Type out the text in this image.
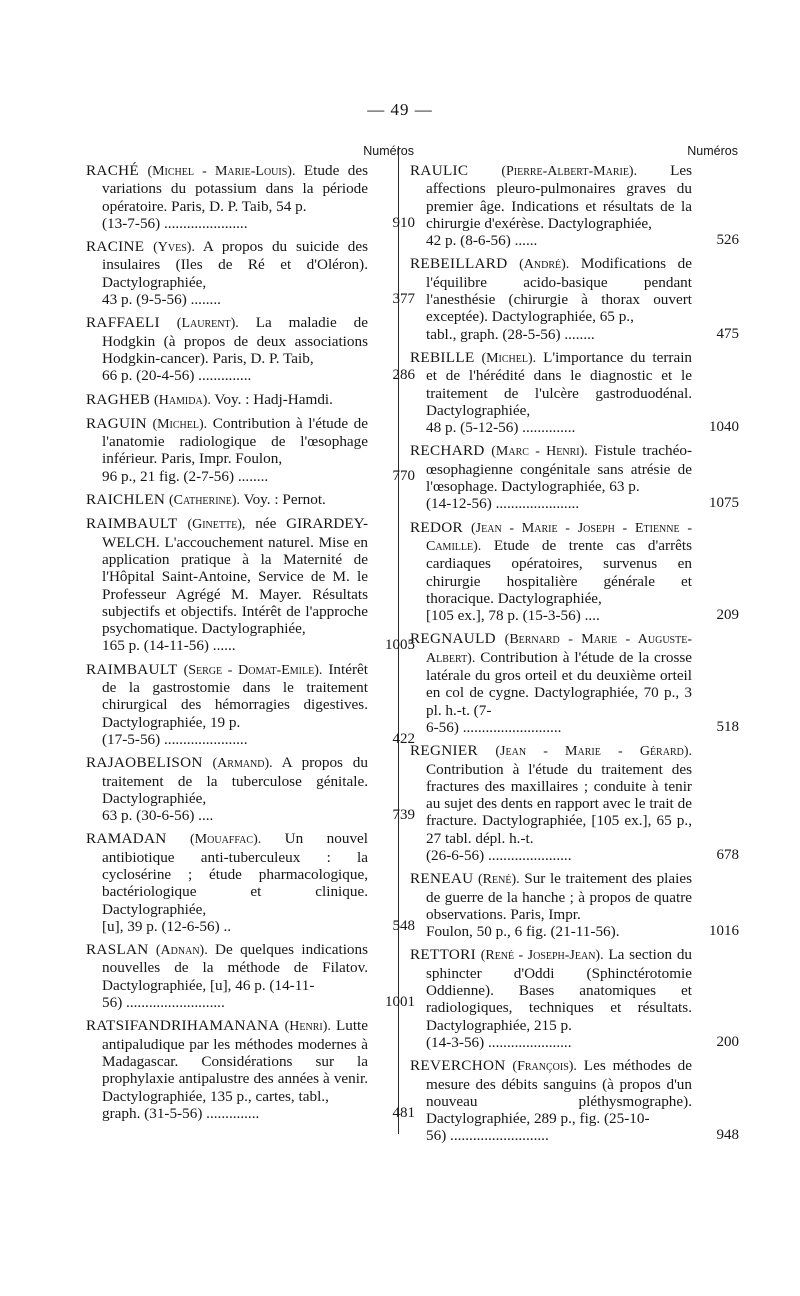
— 49 —
Numéros
RACHÉ (Michel - Marie-Louis). Etude des variations du potassium dans la période opératoire. Paris, D. P. Taib, 54 p.
(13-7-56) ......................	910
RACINE (Yves). A propos du suicide des insulaires (Iles de Ré et d'Oléron). Dactylographiée,
43 p. (9-5-56) ........	377
RAFFAELI (Laurent). La maladie de Hodgkin (à propos de deux associations Hodgkin-cancer). Paris, D. P. Taib,
66 p. (20-4-56) ..............	286
RAGHEB (Hamida). Voy. : Hadj-Hamdi.
RAGUIN (Michel). Contribution à l'étude de l'anatomie radiologique de l'œsophage inférieur. Paris, Impr. Foulon,
96 p., 21 fig. (2-7-56) ........	770
RAICHLEN (Catherine). Voy. : Pernot.
RAIMBAULT (Ginette), née GIRARDEY-WELCH. L'accouchement naturel. Mise en application pratique à la Maternité de l'Hôpital Saint-Antoine, Service de M. le Professeur Agrégé M. Mayer. Résultats subjectifs et objectifs. Intérêt de l'approche psychomatique. Dactylographiée,
165 p. (14-11-56) ......	1005
RAIMBAULT (Serge - Domat-Emile). Intérêt de la gastrostomie dans le traitement chirurgical des hémorragies digestives. Dactylographiée, 19 p.
(17-5-56) ......................	422
RAJAOBELISON (Armand). A propos du traitement de la tuberculose génitale. Dactylographiée,
63 p. (30-6-56) ....	739
RAMADAN (Mouaffac). Un nouvel antibiotique anti-tuberculeux : la cyclosérine ; étude pharmacologique, bactériologique et clinique. Dactylographiée,
[u], 39 p. (12-6-56) ..	548
RASLAN (Adnan). De quelques indications nouvelles de la méthode de Filatov. Dactylographiée, [u], 46 p. (14-11-
56) ..........................	1001
RATSIFANDRIHAMANANA (Henri). Lutte antipaludique par les méthodes modernes à Madagascar. Considérations sur la prophylaxie antipalustre des années à venir. Dactylographiée, 135 p., cartes, tabl.,
graph. (31-5-56) ..............	481
Numéros
RAULIC (Pierre-Albert-Marie). Les affections pleuro-pulmonaires graves du premier âge. Indications et résultats de la chirurgie d'exérèse. Dactylographiée,
42 p. (8-6-56) ......	526
REBEILLARD (André). Modifications de l'équilibre acido-basique pendant l'anesthésie (chirurgie à thorax ouvert exceptée). Dactylographiée, 65 p.,
tabl., graph. (28-5-56) ........	475
REBILLE (Michel). L'importance du terrain et de l'hérédité dans le diagnostic et le traitement de l'ulcère gastroduodénal. Dactylographiée,
48 p. (5-12-56) ..............	1040
RECHARD (Marc - Henri). Fistule trachéo-œsophagienne congénitale sans atrésie de l'œsophage. Dactylographiée, 63 p.
(14-12-56) ......................	1075
REDOR (Jean - Marie - Joseph - Etienne - Camille). Etude de trente cas d'arrêts cardiaques opératoires, survenus en chirurgie hospitalière générale et thoracique. Dactylographiée,
[105 ex.], 78 p. (15-3-56) ....	209
REGNAULD (Bernard - Marie - Auguste-Albert). Contribution à l'étude de la crosse latérale du gros orteil et du deuxième orteil en col de cygne. Dactylographiée, 70 p., 3 pl. h.-t. (7-
6-56) ..........................	518
REGNIER (Jean - Marie - Gérard). Contribution à l'étude du traitement des fractures des maxillaires ; conduite à tenir au sujet des dents en rapport avec le trait de fracture. Dactylographiée, [105 ex.], 65 p., 27 tabl. dépl. h.-t.
(26-6-56) ......................	678
RENEAU (René). Sur le traitement des plaies de guerre de la hanche ; à propos de quatre observations. Paris, Impr.
Foulon, 50 p., 6 fig. (21-11-56).	1016
RETTORI (René - Joseph-Jean). La section du sphincter d'Oddi (Sphinctérotomie Oddienne). Bases anatomiques et radiologiques, techniques et résultats. Dactylographiée, 215 p.
(14-3-56) ......................	200
REVERCHON (François). Les méthodes de mesure des débits sanguins (à propos d'un nouveau pléthysmographe). Dactylographiée, 289 p., fig. (25-10-
56) ..........................	948
